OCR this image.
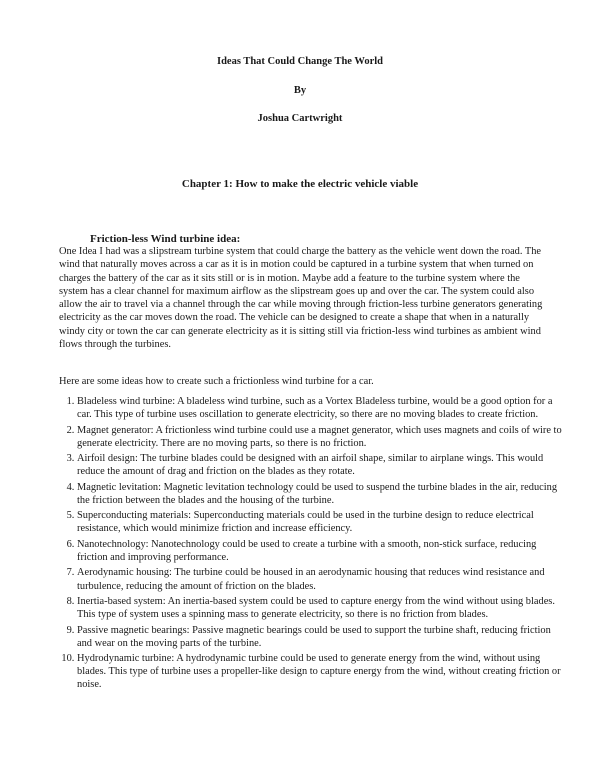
Ideas That Could Change The World
By
Joshua Cartwright
Chapter 1: How to make the electric vehicle viable
Friction-less Wind turbine idea:

One Idea I had was a slipstream turbine system that could charge the battery as the vehicle went down the road. The wind that naturally moves across a car as it is in motion could be captured in a turbine system that when turned on charges the battery of the car as it sits still or is in motion. Maybe add a feature to the turbine system where the system has a clear channel for maximum airflow as the slipstream goes up and over the car. The system could also allow the air to travel via a channel through the car while moving through friction-less turbine generators generating electricity as the car moves down the road. The vehicle can be designed to create a shape that when in a naturally windy city or town the car can generate electricity as it is sitting still via friction-less wind turbines as ambient wind flows through the turbines.

Here are some ideas how to create such a frictionless wind turbine for a car.

1. Bladeless wind turbine: A bladeless wind turbine, such as a Vortex Bladeless turbine, would be a good option for a car. This type of turbine uses oscillation to generate electricity, so there are no moving blades to create friction.
2. Magnet generator: A frictionless wind turbine could use a magnet generator, which uses magnets and coils of wire to generate electricity. There are no moving parts, so there is no friction.
3. Airfoil design: The turbine blades could be designed with an airfoil shape, similar to airplane wings. This would reduce the amount of drag and friction on the blades as they rotate.
4. Magnetic levitation: Magnetic levitation technology could be used to suspend the turbine blades in the air, reducing the friction between the blades and the housing of the turbine.
5. Superconducting materials: Superconducting materials could be used in the turbine design to reduce electrical resistance, which would minimize friction and increase efficiency.
6. Nanotechnology: Nanotechnology could be used to create a turbine with a smooth, non-stick surface, reducing friction and improving performance.
7. Aerodynamic housing: The turbine could be housed in an aerodynamic housing that reduces wind resistance and turbulence, reducing the amount of friction on the blades.
8. Inertia-based system: An inertia-based system could be used to capture energy from the wind without using blades. This type of system uses a spinning mass to generate electricity, so there is no friction from blades.
9. Passive magnetic bearings: Passive magnetic bearings could be used to support the turbine shaft, reducing friction and wear on the moving parts of the turbine.
10. Hydrodynamic turbine: A hydrodynamic turbine could be used to generate energy from the wind, without using blades. This type of turbine uses a propeller-like design to capture energy from the wind, without creating friction or noise.
